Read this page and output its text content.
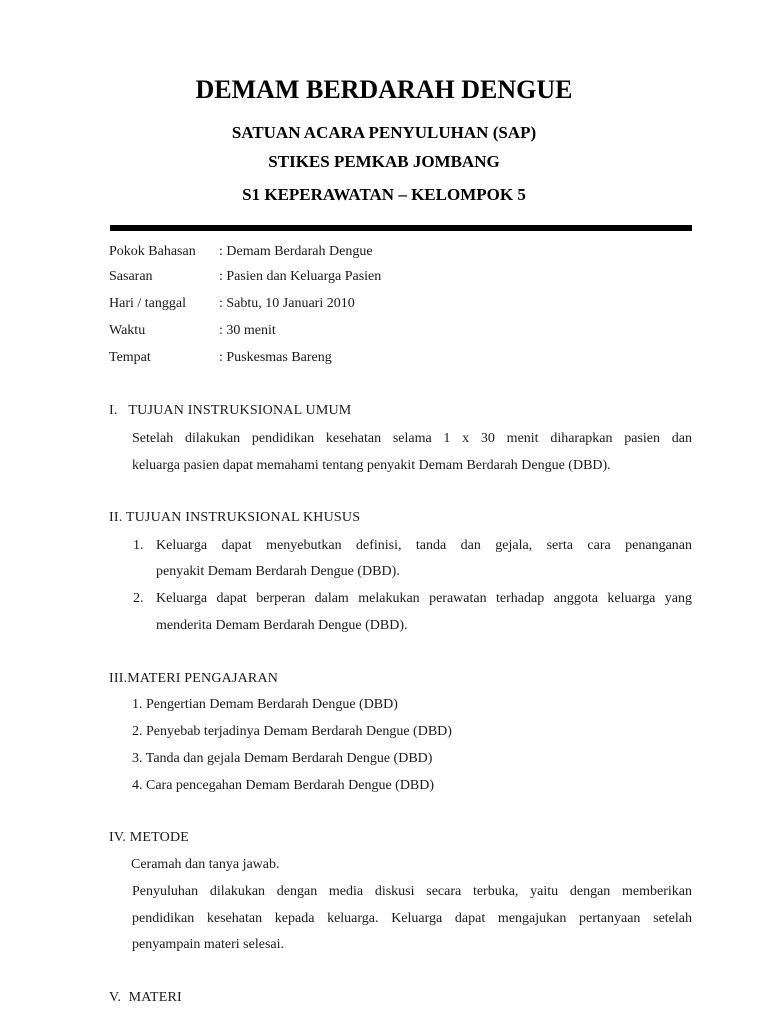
DEMAM BERDARAH DENGUE
SATUAN ACARA PENYULUHAN (SAP)
STIKES PEMKAB JOMBANG
S1 KEPERAWATAN – KELOMPOK 5
Pokok Bahasan : Demam Berdarah Dengue
Sasaran	: Pasien dan Keluarga Pasien
Hari / tanggal : Sabtu, 10 Januari 2010
Waktu	: 30 menit
Tempat	: Puskesmas Bareng
I.   TUJUAN INSTRUKSIONAL UMUM
Setelah dilakukan pendidikan kesehatan selama 1 x 30 menit diharapkan pasien dan
keluarga pasien dapat memahami tentang penyakit Demam Berdarah Dengue (DBD).
II. TUJUAN INSTRUKSIONAL KHUSUS
1. Keluarga dapat menyebutkan definisi, tanda dan gejala, serta cara penanganan
penyakit Demam Berdarah Dengue (DBD).
2. Keluarga dapat berperan dalam melakukan perawatan terhadap anggota keluarga yang
menderita Demam Berdarah Dengue (DBD).
III.MATERI PENGAJARAN
1. Pengertian Demam Berdarah Dengue (DBD)
2. Penyebab terjadinya Demam Berdarah Dengue (DBD)
3. Tanda dan gejala Demam Berdarah Dengue (DBD)
4. Cara pencegahan Demam Berdarah Dengue (DBD)
IV. METODE
Ceramah dan tanya jawab.
Penyuluhan dilakukan dengan media diskusi secara terbuka, yaitu dengan memberikan
pendidikan kesehatan kepada keluarga. Keluarga dapat mengajukan pertanyaan setelah
penyampain materi selesai.
V.  MATERI
